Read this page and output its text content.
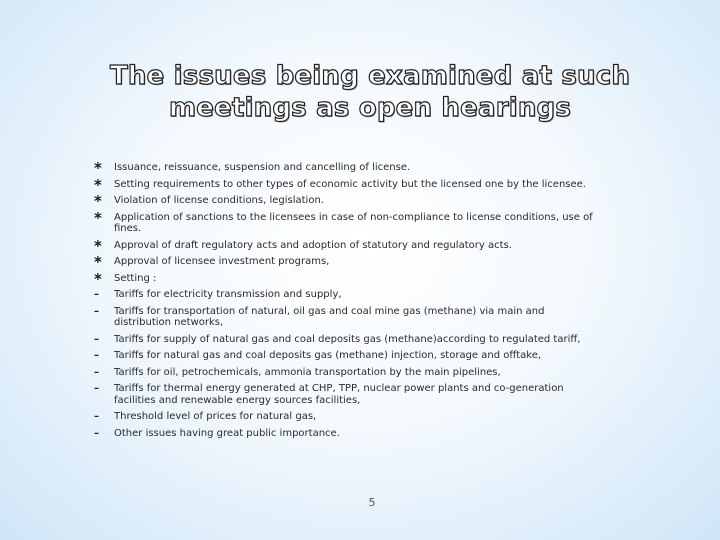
The issues being examined at such meetings as open hearings
*	Issuance, reissuance, suspension and cancelling of license.
*	Setting requirements to other types of economic activity but the licensed one by the licensee.
*	Violation of license conditions, legislation.
*	Application of sanctions to the licensees in case of non-compliance to license conditions, use of fines.
*	Approval of draft regulatory acts and adoption of statutory and regulatory acts.
*	Approval of licensee investment programs,
*	Setting :
–	Tariffs for electricity transmission and supply,
–	Tariffs for transportation of natural, oil gas and coal mine gas (methane) via main and distribution networks,
–	Tariffs for supply of natural gas and coal deposits gas (methane)according to regulated tariff,
–	Tariffs for natural gas and coal deposits gas (methane) injection, storage and offtake,
–	Tariffs for oil, petrochemicals, ammonia transportation by the main pipelines,
–	Tariffs for thermal energy generated at CHP, TPP, nuclear power plants and co-generation facilities and renewable energy sources facilities,
–	Threshold level of prices for natural gas,
–	Other issues having great public importance.
5
